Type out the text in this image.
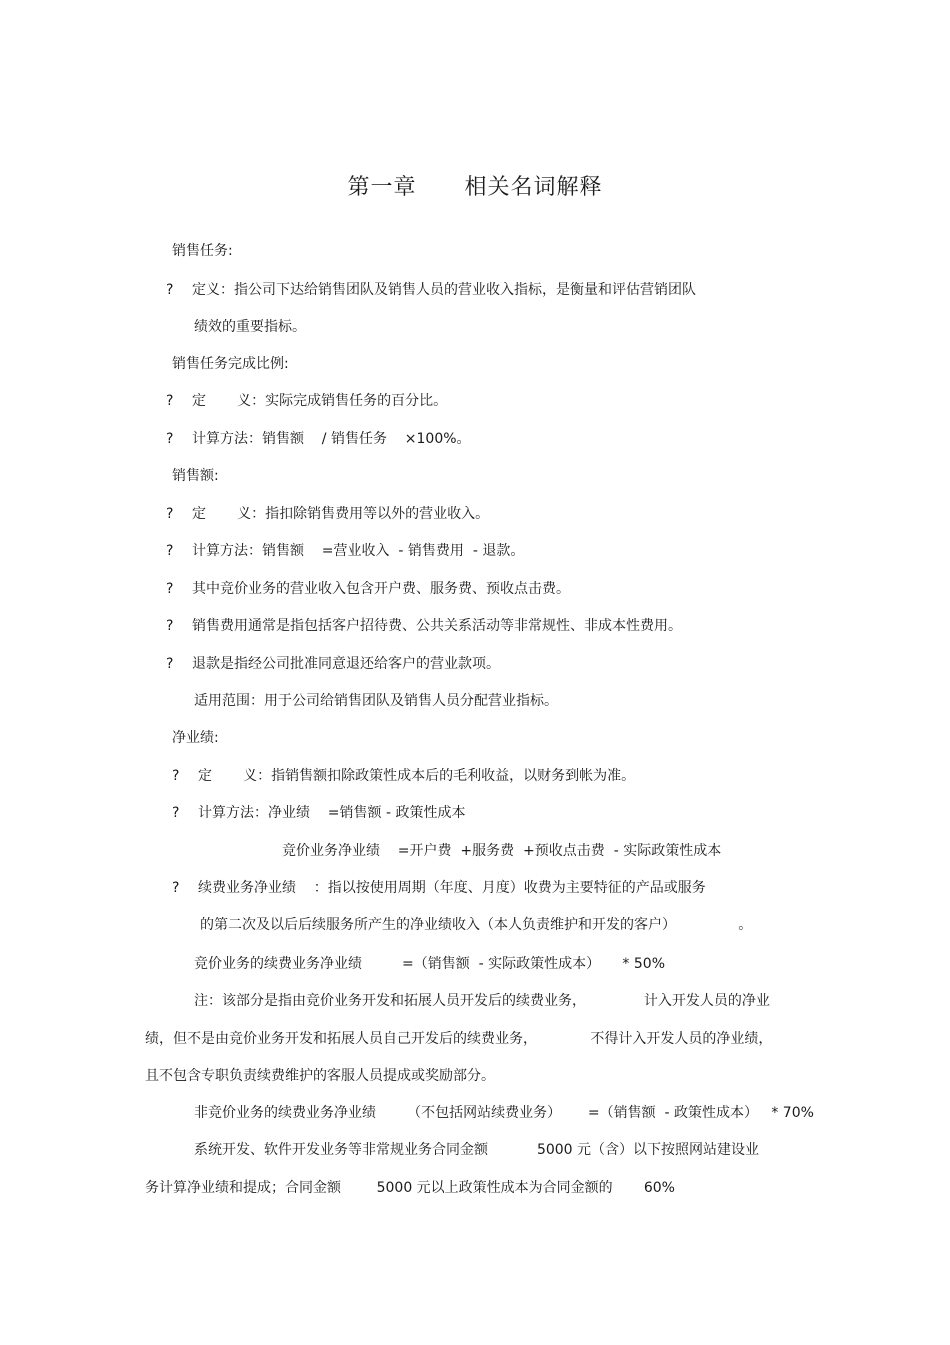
第一章 相关名词解释
销售任务:
? 定义：指公司下达给销售团队及销售人员的营业收入指标，是衡量和评估营销团队
绩效的重要指标。
销售任务完成比例:
? 定       义：实际完成销售任务的百分比。
? 计算方法：销售额    / 销售任务    ×100%。
销售额:
? 定       义：指扣除销售费用等以外的营业收入。
? 计算方法：销售额    =营业收入  - 销售费用  - 退款。
? 其中竞价业务的营业收入包含开户费、服务费、预收点击费。
? 销售费用通常是指包括客户招待费、公共关系活动等非常规性、非成本性费用。
? 退款是指经公司批准同意退还给客户的营业款项。
适用范围：用于公司给销售团队及销售人员分配营业指标。
净业绩:
? 定       义：指销售额扣除政策性成本后的毛利收益，以财务到帐为准。
? 计算方法：净业绩    =销售额 - 政策性成本
竞价业务净业绩    =开户费  +服务费  +预收点击费  - 实际政策性成本
? 续费业务净业绩    ：指以按使用周期（年度、月度）收费为主要特征的产品或服务
的第二次及以后后续服务所产生的净业绩收入（本人负责维护和开发的客户）              。
竞价业务的续费业务净业绩         =（销售额  - 实际政策性成本）     * 50%
注：该部分是指由竞价业务开发和拓展人员开发后的续费业务，             计入开发人员的净业
绩，但不是由竞价业务开发和拓展人员自己开发后的续费业务，            不得计入开发人员的净业绩，
且不包含专职负责续费维护的客服人员提成或奖励部分。
非竞价业务的续费业务净业绩       （不包括网站续费业务）      =（销售额  - 政策性成本）   * 70%
系统开发、软件开发业务等非常规业务合同金额           5000 元（含）以下按照网站建设业
务计算净业绩和提成；合同金额        5000 元以上政策性成本为合同金额的       60%
